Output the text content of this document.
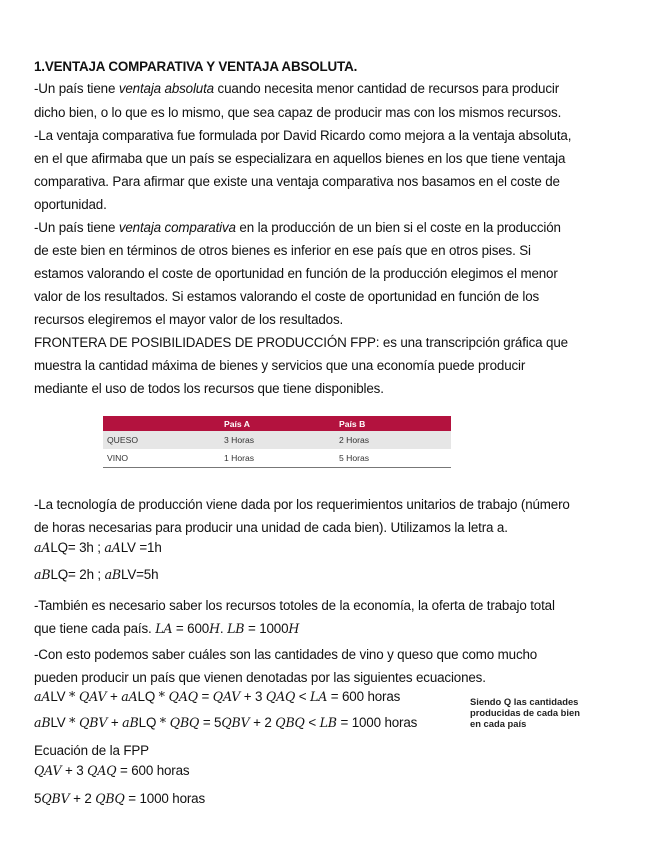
1.VENTAJA COMPARATIVA Y VENTAJA ABSOLUTA.
-Un país tiene ventaja absoluta cuando necesita menor cantidad de recursos para producir
dicho bien, o lo que es lo mismo, que sea capaz de producir mas con los mismos recursos.
-La ventaja comparativa fue formulada por David Ricardo como mejora a la ventaja absoluta,
en el que afirmaba que un país se especializara en aquellos bienes en los que tiene ventaja
comparativa. Para afirmar que existe una ventaja comparativa nos basamos en el coste de
oportunidad.
-Un país tiene ventaja comparativa en la producción de un bien si el coste en la producción
de este bien en términos de otros bienes es inferior en ese país que en otros pises. Si
estamos valorando el coste de oportunidad en función de la producción elegimos el menor
valor de los resultados. Si estamos valorando el coste de oportunidad en función de los
recursos elegiremos el mayor valor de los resultados.
FRONTERA DE POSIBILIDADES DE PRODUCCIÓN FPP: es una transcripción gráfica que
muestra la cantidad máxima de bienes y servicios que una economía puede producir
mediante el uso de todos los recursos que tiene disponibles.
	País A	País B
QUESO	3 Horas	2 Horas
VINO	1 Horas	5 Horas
-La tecnología de producción viene dada por los requerimientos unitarios de trabajo (número
de horas necesarias para producir una unidad de cada bien). Utilizamos la letra a.
aALQ= 3h ; aALV =1h
aBLQ= 2h ; aBLV=5h
-También es necesario saber los recursos totoles de la economía, la oferta de trabajo total
que tiene cada país. LA = 600H. LB = 1000H
-Con esto podemos saber cuáles son las cantidades de vino y queso que como mucho
pueden producir un país que vienen denotadas por las siguientes ecuaciones.
aALV * QAV + aALQ * QAQ = QAV + 3 QAQ < LA = 600 horas
aBLV * QBV + aBLQ * QBQ = 5QBV + 2 QBQ < LB = 1000 horas
Siendo Q las cantidades
producidas de cada bien
en cada país
Ecuación de la FPP
QAV + 3 QAQ = 600 horas
5QBV + 2 QBQ = 1000 horas
